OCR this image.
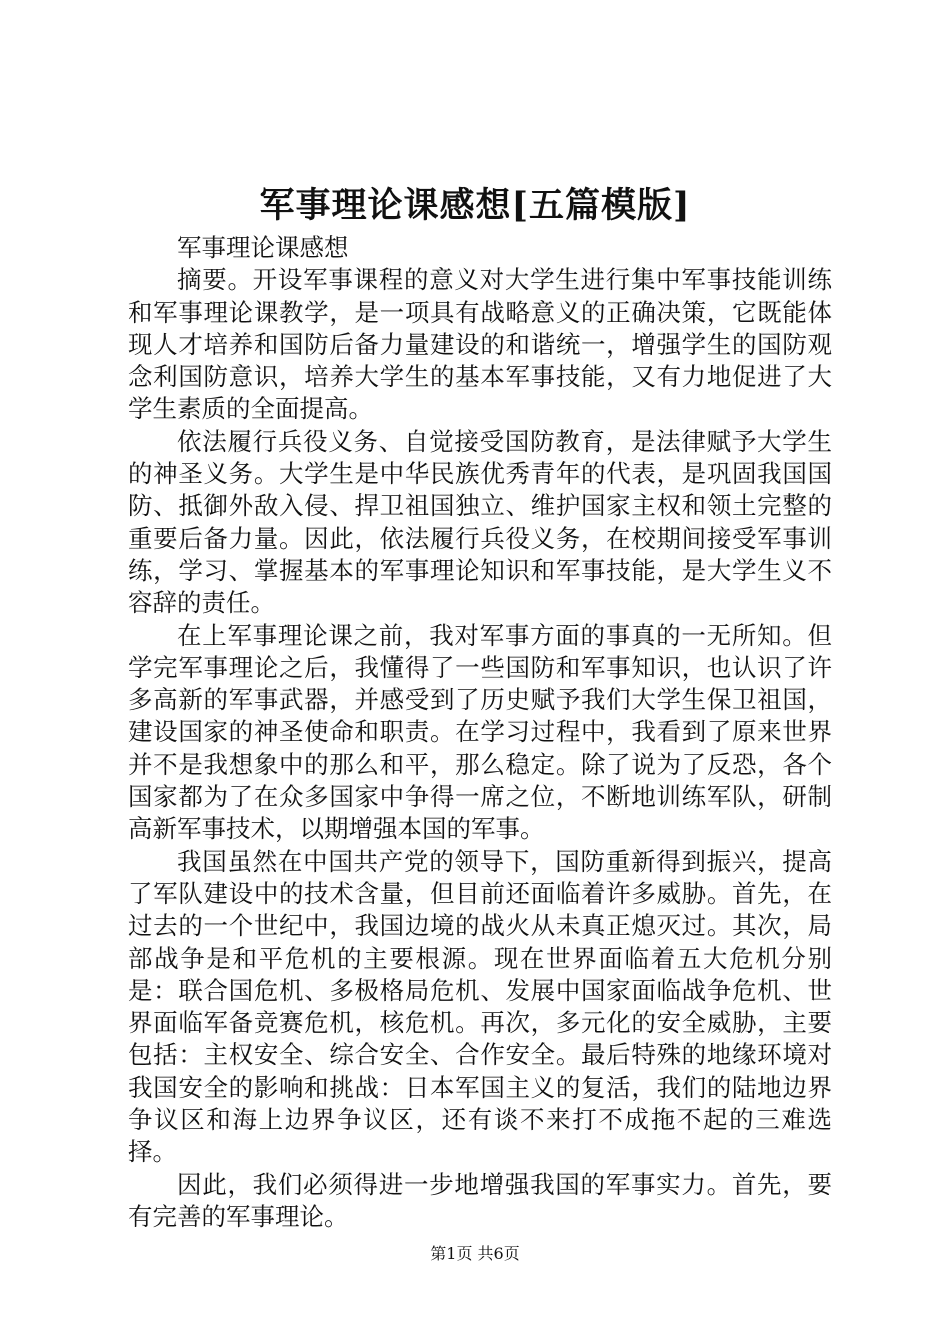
军事理论课感想[五篇模版]

军事理论课感想

摘要。开设军事课程的意义对大学生进行集中军事技能训练和军事理论课教学，是一项具有战略意义的正确决策，它既能体现人才培养和国防后备力量建设的和谐统一，增强学生的国防观念利国防意识，培养大学生的基本军事技能，又有力地促进了大学生素质的全面提高。

依法履行兵役义务、自觉接受国防教育，是法律赋予大学生的神圣义务。大学生是中华民族优秀青年的代表，是巩固我国国防、抵御外敌入侵、捍卫祖国独立、维护国家主权和领土完整的重要后备力量。因此，依法履行兵役义务，在校期间接受军事训练，学习、掌握基本的军事理论知识和军事技能，是大学生义不容辞的责任。

在上军事理论课之前，我对军事方面的事真的一无所知。但学完军事理论之后，我懂得了一些国防和军事知识，也认识了许多高新的军事武器，并感受到了历史赋予我们大学生保卫祖国，建设国家的神圣使命和职责。在学习过程中，我看到了原来世界并不是我想象中的那么和平，那么稳定。除了说为了反恐，各个国家都为了在众多国家中争得一席之位，不断地训练军队，研制高新军事技术，以期增强本国的军事。

我国虽然在中国共产党的领导下，国防重新得到振兴，提高了军队建设中的技术含量，但目前还面临着许多威胁。首先，在过去的一个世纪中，我国边境的战火从未真正熄灭过。其次，局部战争是和平危机的主要根源。现在世界面临着五大危机分别是：联合国危机、多极格局危机、发展中国家面临战争危机、世界面临军备竞赛危机，核危机。再次，多元化的安全威胁，主要包括：主权安全、综合安全、合作安全。最后特殊的地缘环境对我国安全的影响和挑战：日本军国主义的复活，我们的陆地边界争议区和海上边界争议区，还有谈不来打不成拖不起的三难选择。

因此，我们必须得进一步地增强我国的军事实力。首先，要有完善的军事理论。

第1页 共6页
